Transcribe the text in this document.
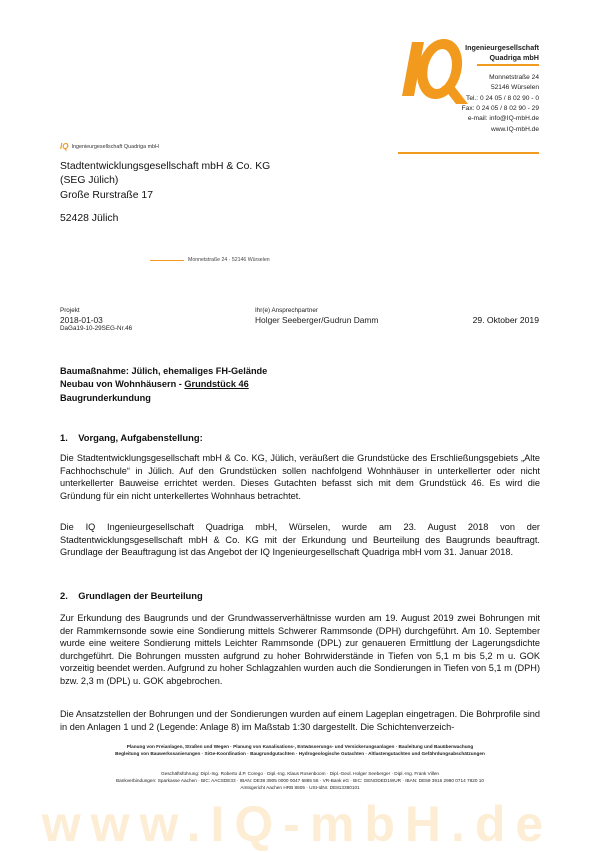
Ingenieurgesellschaft
Quadriga mbH
Monnetstraße 24
52146 Würselen
Tel.: 0 24 05 / 8 02 90 - 0
Fax: 0 24 05 / 8 02 90 - 29
e-mail: info@IQ-mbH.de
www.IQ-mbH.de
IQ Ingenieurgesellschaft Quadriga mbH
Stadtentwicklungsgesellschaft mbH & Co. KG
(SEG Jülich)
Große Rurstraße 17
52428 Jülich
Monnetstraße 24 · 52146 Würselen
Projekt
2018-01-03
DaGa19-10-29SEG-Nr.46
Ihr(e) Ansprechpartner
Holger Seeberger/Gudrun Damm	29. Oktober 2019
Baumaßnahme: Jülich, ehemaliges FH-Gelände
Neubau von Wohnhäusern - Grundstück 46
Baugrunderkundung
1.    Vorgang, Aufgabenstellung:
Die Stadtentwicklungsgesellschaft mbH & Co. KG, Jülich, veräußert die Grundstücke des Erschließungsgebiets „Alte Fachhochschule“ in Jülich. Auf den Grundstücken sollen nachfolgend Wohnhäuser in unterkellerter oder nicht unterkellerter Bauweise errichtet werden. Dieses Gutachten befasst sich mit dem Grundstück 46. Es wird die Gründung für ein nicht unterkellertes Wohnhaus betrachtet.
Die IQ Ingenieurgesellschaft Quadriga mbH, Würselen, wurde am 23. August 2018 von der Stadtentwicklungsgesellschaft mbH & Co. KG mit der Erkundung und Beurteilung des Baugrunds beauftragt. Grundlage der Beauftragung ist das Angebot der IQ Ingenieurgesellschaft Quadriga mbH vom 31. Januar 2018.
2.    Grundlagen der Beurteilung
Zur Erkundung des Baugrunds und der Grundwasserverhältnisse wurden am 19. August 2019 zwei Bohrungen mit der Rammkernsonde sowie eine Sondierung mittels Schwerer Rammsonde (DPH) durchgeführt. Am 10. September wurde eine weitere Sondierung mittels Leichter Rammsonde (DPL) zur genaueren Ermittlung der Lagerungsdichte durchgeführt. Die Bohrungen mussten aufgrund zu hoher Bohrwiderstände in Tiefen von 5,1 m bis 5,2 m u. GOK vorzeitig beendet werden. Aufgrund zu hoher Schlagzahlen wurden auch die Sondierungen in Tiefen von 5,1 m (DPH) bzw. 2,3 m (DPL) u. GOK abgebrochen.
Die Ansatzstellen der Bohrungen und der Sondierungen wurden auf einem Lageplan eingetragen. Die Bohrprofile sind in den Anlagen 1 und 2 (Legende: Anlage 8) im Maßstab 1:30 dargestellt. Die Schichtenverzeich-
Planung von Freianlagen, Straßen und Wegen · Planung von Kanalisations-, Entwässerungs- und Versickerungsanlagen · Bauleitung und Bauüberwachung
Begleitung von Bauwerkssanierungen · SiGe-Koordination · Baugrundgutachten · Hydrogeologische Gutachten · Altlastengutachten und Gefährdungsabschätzungen
Geschäftsführung: Dipl.-Ing. Roberto d.P. Corego · Dipl.-Ing. Klaus Rosenboom · Dipl.-Geol. Holger Seeberger · Dipl.-Ing. Frank Villen
Bankverbindungen: Sparkasse Aachen · BIC: AACSDE33 · IBAN: DE38 3905 0000 0047 6885 55 · VR-Bank eG · BIC: GENODED1WUR · IBAN: DE59 3916 2980 0714 7820 10
Amtsgericht Aachen HRB 8605 · USt-IdNr. DE813380101
www.IQ-mbH.de
